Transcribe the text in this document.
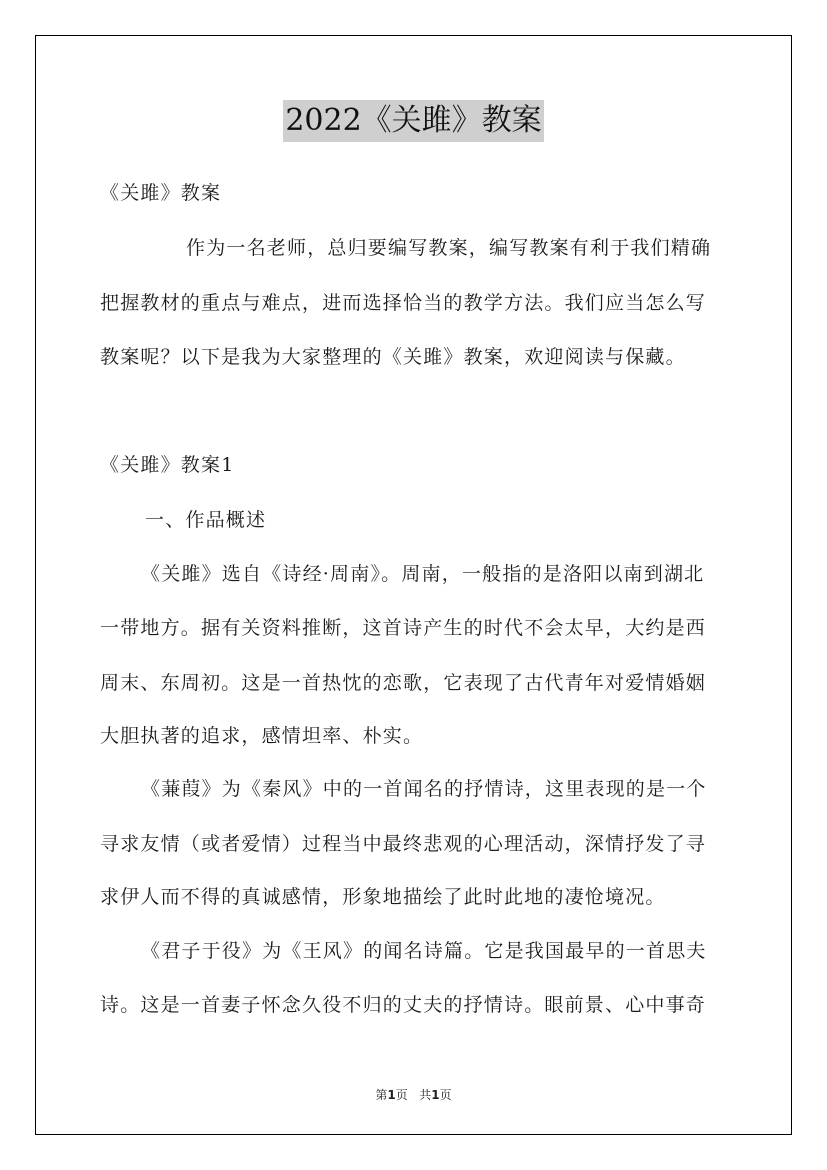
2022《关雎》教案
《关雎》教案
作为一名老师，总归要编写教案，编写教案有利于我们精确
把握教材的重点与难点，进而选择恰当的教学方法。我们应当怎么写
教案呢？以下是我为大家整理的《关雎》教案，欢迎阅读与保藏。
《关雎》教案1
一、作品概述
《关雎》选自《诗经·周南》。周南，一般指的是洛阳以南到湖北
一带地方。据有关资料推断，这首诗产生的时代不会太早，大约是西
周末、东周初。这是一首热忱的恋歌，它表现了古代青年对爱情婚姻
大胆执著的追求，感情坦率、朴实。
《蒹葭》为《秦风》中的一首闻名的抒情诗，这里表现的是一个
寻求友情（或者爱情）过程当中最终悲观的心理活动，深情抒发了寻
求伊人而不得的真诚感情，形象地描绘了此时此地的凄怆境况。
《君子于役》为《王风》的闻名诗篇。它是我国最早的一首思夫
诗。这是一首妻子怀念久役不归的丈夫的抒情诗。眼前景、心中事奇
第1页 共1页
